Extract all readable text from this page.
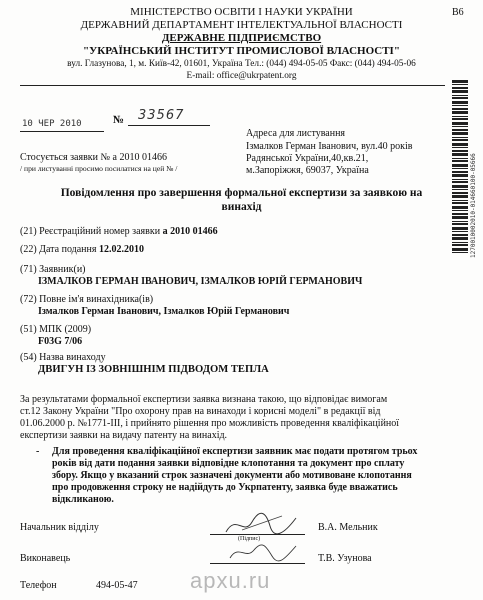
B6
МІНІСТЕРСТВО ОСВІТИ І НАУКИ УКРАЇНИ
ДЕРЖАВНИЙ ДЕПАРТАМЕНТ ІНТЕЛЕКТУАЛЬНОЇ ВЛАСНОСТІ
ДЕРЖАВНЕ ПІДПРИЄМСТВО
"УКРАЇНСЬКИЙ ІНСТИТУТ ПРОМИСЛОВОЇ ВЛАСНОСТІ"
вул. Глазунова, 1, м. Київ-42, 01601, Україна Тел.: (044) 494-05-05 Факс: (044) 494-05-06
E-mail: office@ukrpatent.org
10 ЧЕР 2010	№ 33567
1270010002010-014660100-05666
Стосується заявки № а 2010 01466
/ при листуванні просимо посилатися на цей № /
Адреса для листування
Ізмалков Герман Іванович, вул.40 років
Радянської України,40,кв.21,
м.Запоріжжя, 69037, Україна
Повідомлення про завершення формальної експертизи за заявкою на
винахід
(21) Реєстраційний номер заявки а 2010 01466
(22) Дата подання 12.02.2010
(71) Заявник(и)
ІЗМАЛКОВ ГЕРМАН ІВАНОВИЧ, ІЗМАЛКОВ ЮРІЙ ГЕРМАНОВИЧ
(72) Повне ім'я винахідника(ів)
Ізмалков Герман Іванович, Ізмалков Юрій Германович
(51) МПК (2009)
F03G 7/06
(54) Назва винаходу
ДВИГУН ІЗ ЗОВНІШНІМ ПІДВОДОМ ТЕПЛА
За результатами формальної експертизи заявка визнана такою, що відповідає вимогам
ст.12 Закону України "Про охорону прав на винаходи і корисні моделі" в редакції від
01.06.2000 р. №1771-III, і прийнято рішення про можливість проведення кваліфікаційної
експертизи заявки на видачу патенту на винахід.
- Для проведення кваліфікаційної експертизи заявник має подати протягом трьох
років від дати подання заявки відповідне клопотання та документ про сплату
збору. Якщо у вказаний строк зазначені документи або мотивоване клопотання
про продовження строку не надійдуть до Укрпатенту, заявка буде вважатись
відкликаною.
Начальник відділу
(Підпис)
В.А. Мельник
Виконавець	Т.В. Узунова
Телефон	494-05-47 apxu.ru
